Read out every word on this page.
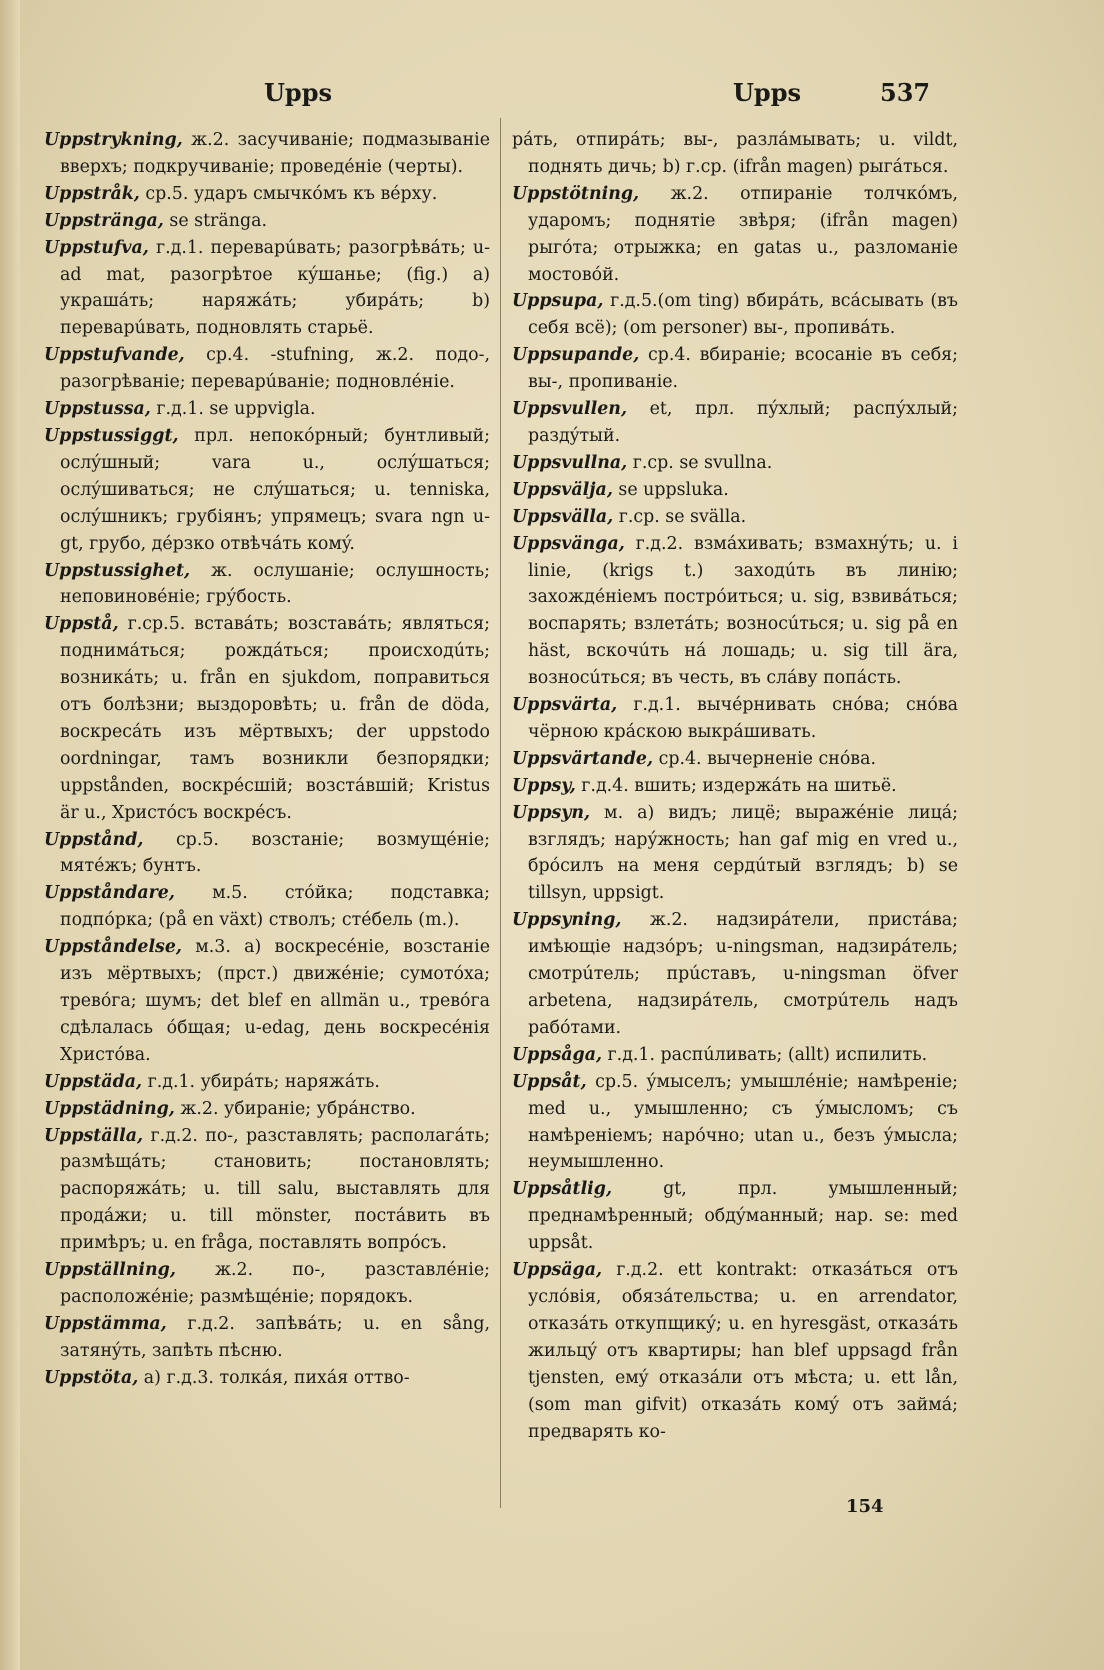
Upps	Upps	537

Uppstrykning, ж.2. засучиваніе; подмазываніе вверхъ; подкручиваніе; проведéніе (черты).

Uppstråk, ср.5. ударъ смычкóмъ къ вéрху.

Uppsträngа, se stränga.

Uppstufva, г.д.1. переварúвать; разогрѣвáть; u-ad mat, разогрѣтое кýшанье; (fig.) a) украшáть; наряжáть; убирáть; b) переварúвать, подновлять старьё.

Uppstufvande, ср.4. -stufning, ж.2. подо-, разогрѣваніе; переварúваніе; подновлéніе.

Uppstussa, г.д.1. se uppvigla.

Uppstussiggt, прл. непокóрный; бунтливый; ослýшный; vara u., ослýшаться; ослýшиваться; не слýшаться; u. tenniska, ослýшникъ; грубіянъ; упрямецъ; svara ngn u-gt, грубо, дéрзко отвѣчáть комý.

Uppstussighet, ж. ослушаніе; ослушность; неповиновéніе; грýбость.

Uppstå, г.ср.5. вставáть; возставáть; являться; поднимáться; рождáться; происходúть; возникáть; u. från en sjukdom, поправиться отъ болѣзни; выздоровѣть; u. från de döda, воскресáть изъ мёртвыхъ; der uppstodo oordningar, тамъ возникли безпорядки; uppstånden, воскрéсшій; возстáвшій; Kristus är u., Христóсъ воскрéсъ.

Uppstånd, ср.5. возстаніе; возмущéніе; мятéжъ; бунтъ.

Uppståndare, м.5. стóйка; подставка; подпóрка; (på en växt) стволъ; стéбель (m.).

Uppståndelse, м.3. a) воскресéніе, возстаніе изъ мёртвыхъ; (прст.) движéніе; сумотóха; тревóга; шумъ; det blef en allmän u., тревóга сдѣлалась óбщая; u-edag, день воскресéнія Христóва.

Uppstäda, г.д.1. убирáть; наряжáть.

Uppstädning, ж.2. убираніе; убрáнство.

Uppställa, г.д.2. по-, разставлять; располагáть; размѣщáть; становить; постановлять; распоряжáть; u. till salu, выставлять для продáжи; u. till mönster, постáвить въ примѣръ; u. en fråga, поставлять вопрóсъ.

Uppställning, ж.2. по-, разставлéніе; расположéніе; размѣщéніе; порядокъ.

Uppstämma, г.д.2. запѣвáть; u. en sång, затянýть, запѣть пѣсню.

Uppstöta, a) г.д.3. толкáя, пихáя оттво-

рáть, отпирáть; вы-, разлáмывать; u. vildt, поднять дичь; b) г.ср. (ifrån magen) рыгáться.

Uppstötning, ж.2. отпираніе толчкóмъ, ударомъ; поднятіе звѣря; (ifrån magen) рыгóта; отрыжка; en gatas u., разломаніе мостовóй.

Uppsupa, г.д.5.(om ting) вбирáть, всáсывать (въ себя всё); (om personer) вы-, пропивáть.

Uppsupande, ср.4. вбираніе; всосаніе въ себя; вы-, пропиваніе.

Uppsvullen, et, прл. пýхлый; распýхлый; раздýтый.

Uppsvullna, г.ср. se svullna.

Uppsvälja, se uppsluka.

Uppsvälla, г.ср. se svälla.

Uppsvänga, г.д.2. взмáхивать; взмахнýть; u. i linie, (krigs t.) заходúть въ линію; захождéніемъ пострóиться; u. sig, взвивáться; воспарять; взлетáть; возносúться; u. sig på en häst, вскочúть нá лошадь; u. sig till ära, возносúться; въ честь, въ слáву попáсть.

Uppsvärta, г.д.1. вычéрнивать снóва; снóва чёрною крáскою выкрáшивать.

Uppsvärtande, ср.4. вычерненіе снóва.

Uppsy, г.д.4. вшить; издержáть на шитьё.

Uppsyn, м. a) видъ; лицё; выражéніе лицá; взглядъ; нарýжность; han gaf mig en vred u., брóсилъ на меня сердúтый взглядъ; b) se tillsyn, uppsigt.

Uppsyning, ж.2. надзирáтели, пристáва; имѣющіе надзóръ; u-ningsman, надзирáтель; смотрúтель; прúставъ, u-ningsman öfver arbetena, надзирáтель, смотрúтель надъ рабóтами.

Uppsåga, г.д.1. распúливать; (allt) испилить.

Uppsåt, ср.5. ýмыселъ; умышлéніе; намѣреніе; med u., умышленно; съ ýмысломъ; съ намѣреніемъ; нарóчно; utan u., безъ ýмысла; неумышленно.

Uppsåtlig, gt, прл. умышленный; преднамѣренный; обдýманный; нар. se: med uppsåt.

Uppsäga, г.д.2. ett kontrakt: отказáться отъ услóвія, обязáтельства; u. en arrendator, отказáть откупщикý; u. en hyresgäst, отказáть жильцý отъ квартиры; han blef uppsagd från tjensten, емý отказáли отъ мѣста; u. ett lån, (som man gifvit) отказáть комý отъ займá; предварять ко-

154
